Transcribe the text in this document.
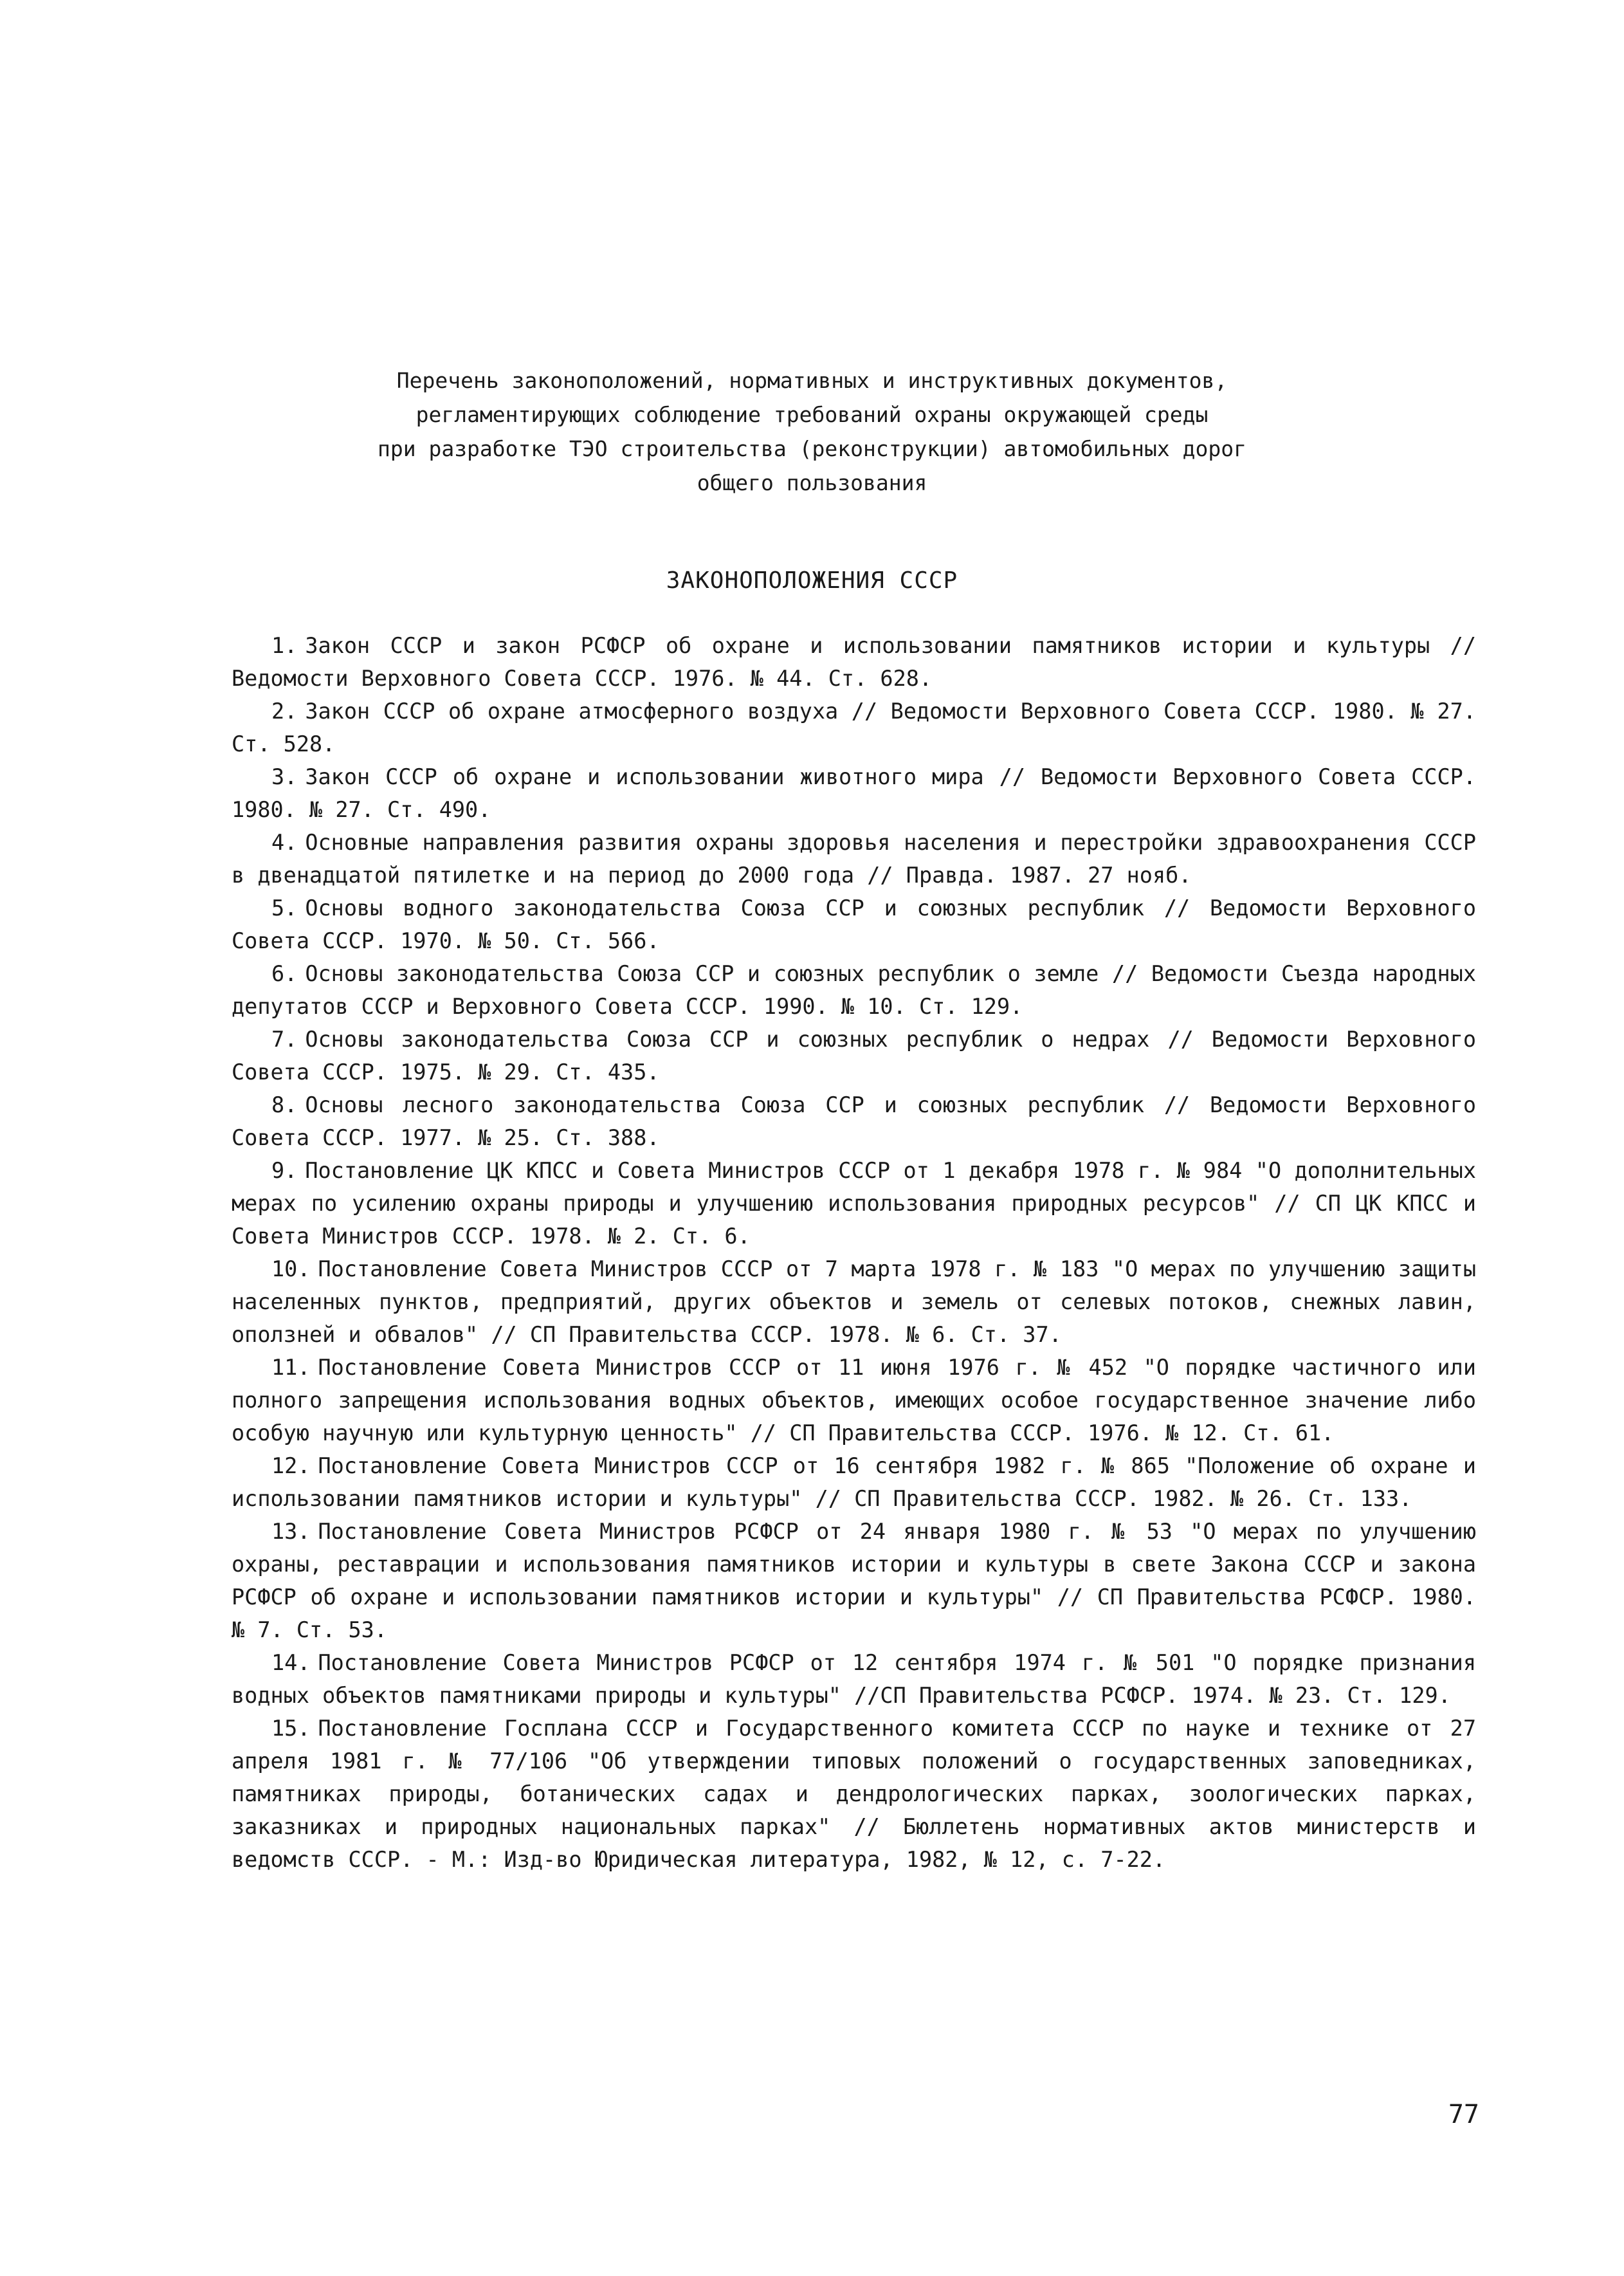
Перечень законоположений, нормативных и инструктивных документов,
регламентирующих соблюдение требований охраны окружающей среды
при разработке ТЭО строительства (реконструкции) автомобильных дорог
общего пользования
ЗАКОНОПОЛОЖЕНИЯ СССР
1. Закон СССР и закон РСФСР об охране и использовании памятников истории и культуры // Ведомости Верховного Совета СССР. 1976. № 44. Ст. 628.
2. Закон СССР об охране атмосферного воздуха // Ведомости Верховного Совета СССР. 1980. № 27. Ст. 528.
3. Закон СССР об охране и использовании животного мира // Ведомости Верховного Совета СССР. 1980. № 27. Ст. 490.
4. Основные направления развития охраны здоровья населения и перестройки здравоохранения СССР в двенадцатой пятилетке и на период до 2000 года // Правда. 1987. 27 нояб.
5. Основы водного законодательства Союза ССР и союзных республик // Ведомости Верховного Совета СССР. 1970. № 50. Ст. 566.
6. Основы законодательства Союза ССР и союзных республик о земле // Ведомости Съезда народных депутатов СССР и Верховного Совета СССР. 1990. № 10. Ст. 129.
7. Основы законодательства Союза ССР и союзных республик о недрах // Ведомости Верховного Совета СССР. 1975. № 29. Ст. 435.
8. Основы лесного законодательства Союза ССР и союзных республик // Ведомости Верховного Совета СССР. 1977. № 25. Ст. 388.
9. Постановление ЦК КПСС и Совета Министров СССР от 1 декабря 1978 г. № 984 "О дополнительных мерах по усилению охраны природы и улучшению использования природных ресурсов" // СП ЦК КПСС и Совета Министров СССР. 1978. № 2. Ст. 6.
10. Постановление Совета Министров СССР от 7 марта 1978 г. № 183 "О мерах по улучшению защиты населенных пунктов, предприятий, других объектов и земель от селевых потоков, снежных лавин, оползней и обвалов" // СП Правительства СССР. 1978. № 6. Ст. 37.
11. Постановление Совета Министров СССР от 11 июня 1976 г. № 452 "О порядке частичного или полного запрещения использования водных объектов, имеющих особое государственное значение либо особую научную или культурную ценность" // СП Правительства СССР. 1976. № 12. Ст. 61.
12. Постановление Совета Министров СССР от 16 сентября 1982 г. № 865 "Положение об охране и использовании памятников истории и культуры" // СП Правительства СССР. 1982. № 26. Ст. 133.
13. Постановление Совета Министров РСФСР от 24 января 1980 г. № 53 "О мерах по улучшению охраны, реставрации и использования памятников истории и культуры в свете Закона СССР и закона РСФСР об охране и использовании памятников истории и культуры" // СП Правительства РСФСР. 1980. № 7. Ст. 53.
14. Постановление Совета Министров РСФСР от 12 сентября 1974 г. № 501 "О порядке признания водных объектов памятниками природы и культуры" //СП Правительства РСФСР. 1974. № 23. Ст. 129.
15. Постановление Госплана СССР и Государственного комитета СССР по науке и технике от 27 апреля 1981 г. № 77/106 "Об утверждении типовых положений о государственных заповедниках, памятниках природы, ботанических садах и дендрологических парках, зоологических парках, заказниках и природных национальных парках" // Бюллетень нормативных актов министерств и ведомств СССР. - М.: Изд-во Юридическая литература, 1982, № 12, с. 7-22.
77
